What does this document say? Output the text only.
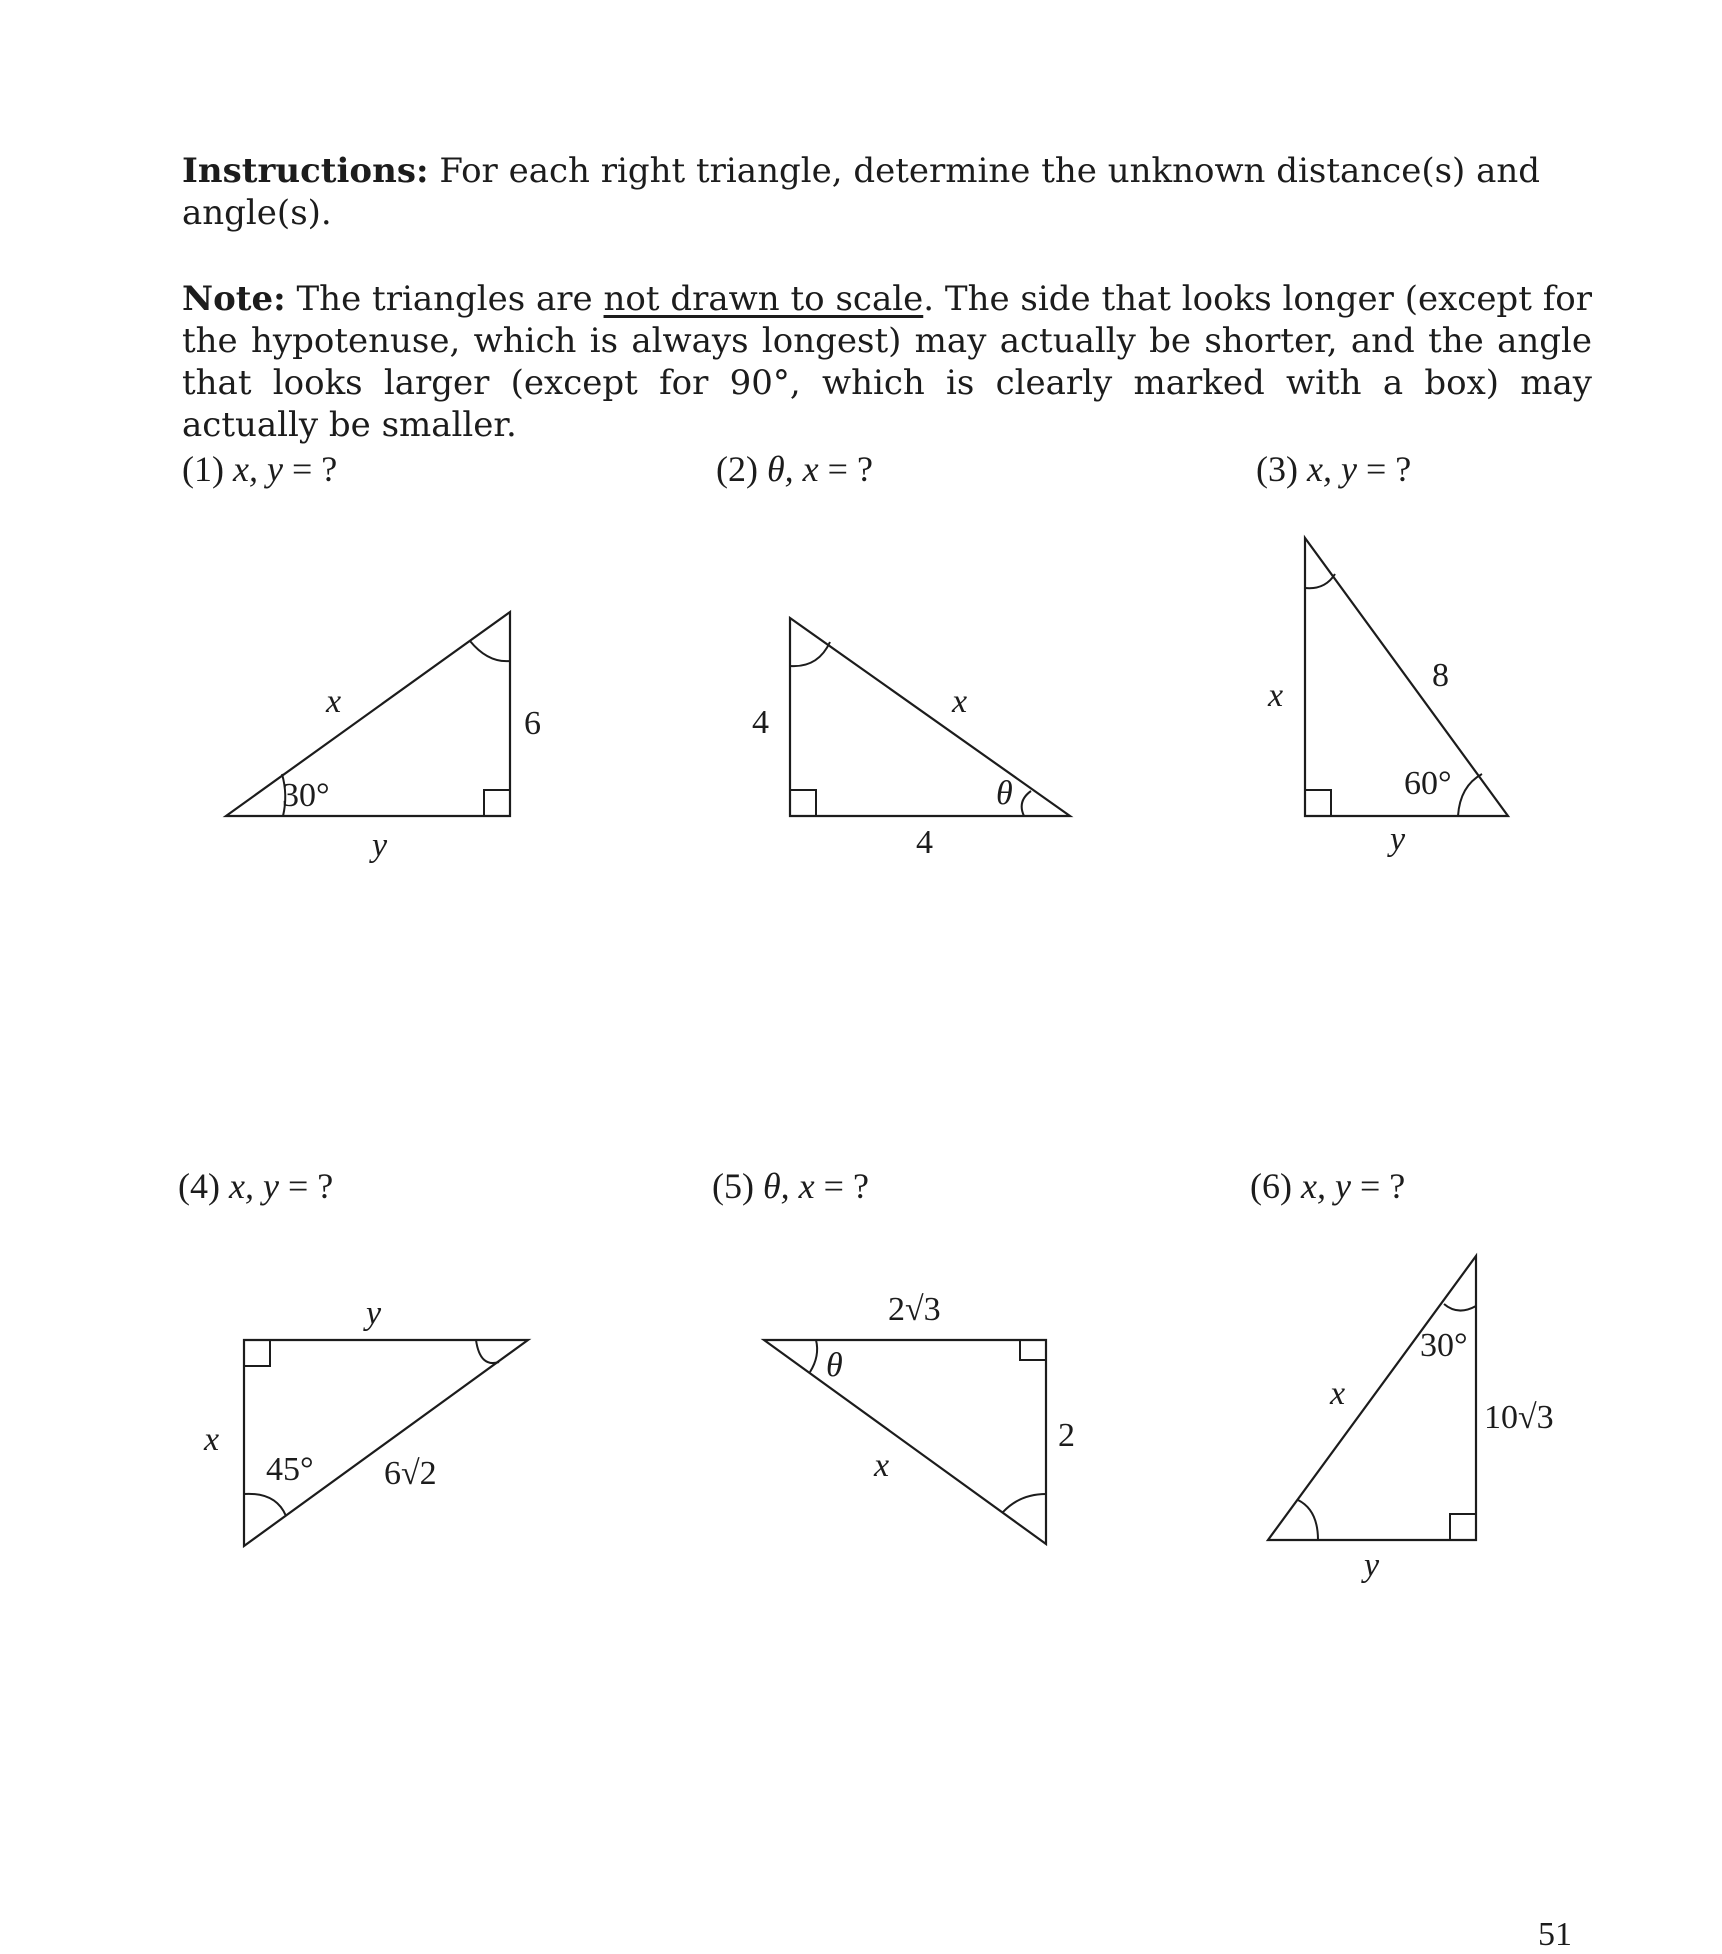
Instructions: For each right triangle, determine the unknown distance(s) and angle(s).

Note: The triangles are not drawn to scale. The side that looks longer (except for the hypotenuse, which is always longest) may actually be shorter, and the angle that looks larger (except for 90°, which is clearly marked with a box) may actually be smaller.

(1) x, y = ?	(2) θ, x = ?	(3) x, y = ?
(4) x, y = ?	(5) θ, x = ?	(6) x, y = ?
x
6
y
30°
4
x
4
θ
x
8
y
60°
y
x
6√2
45°
2√3
θ
2
x
30°
x
10√3
y
51
